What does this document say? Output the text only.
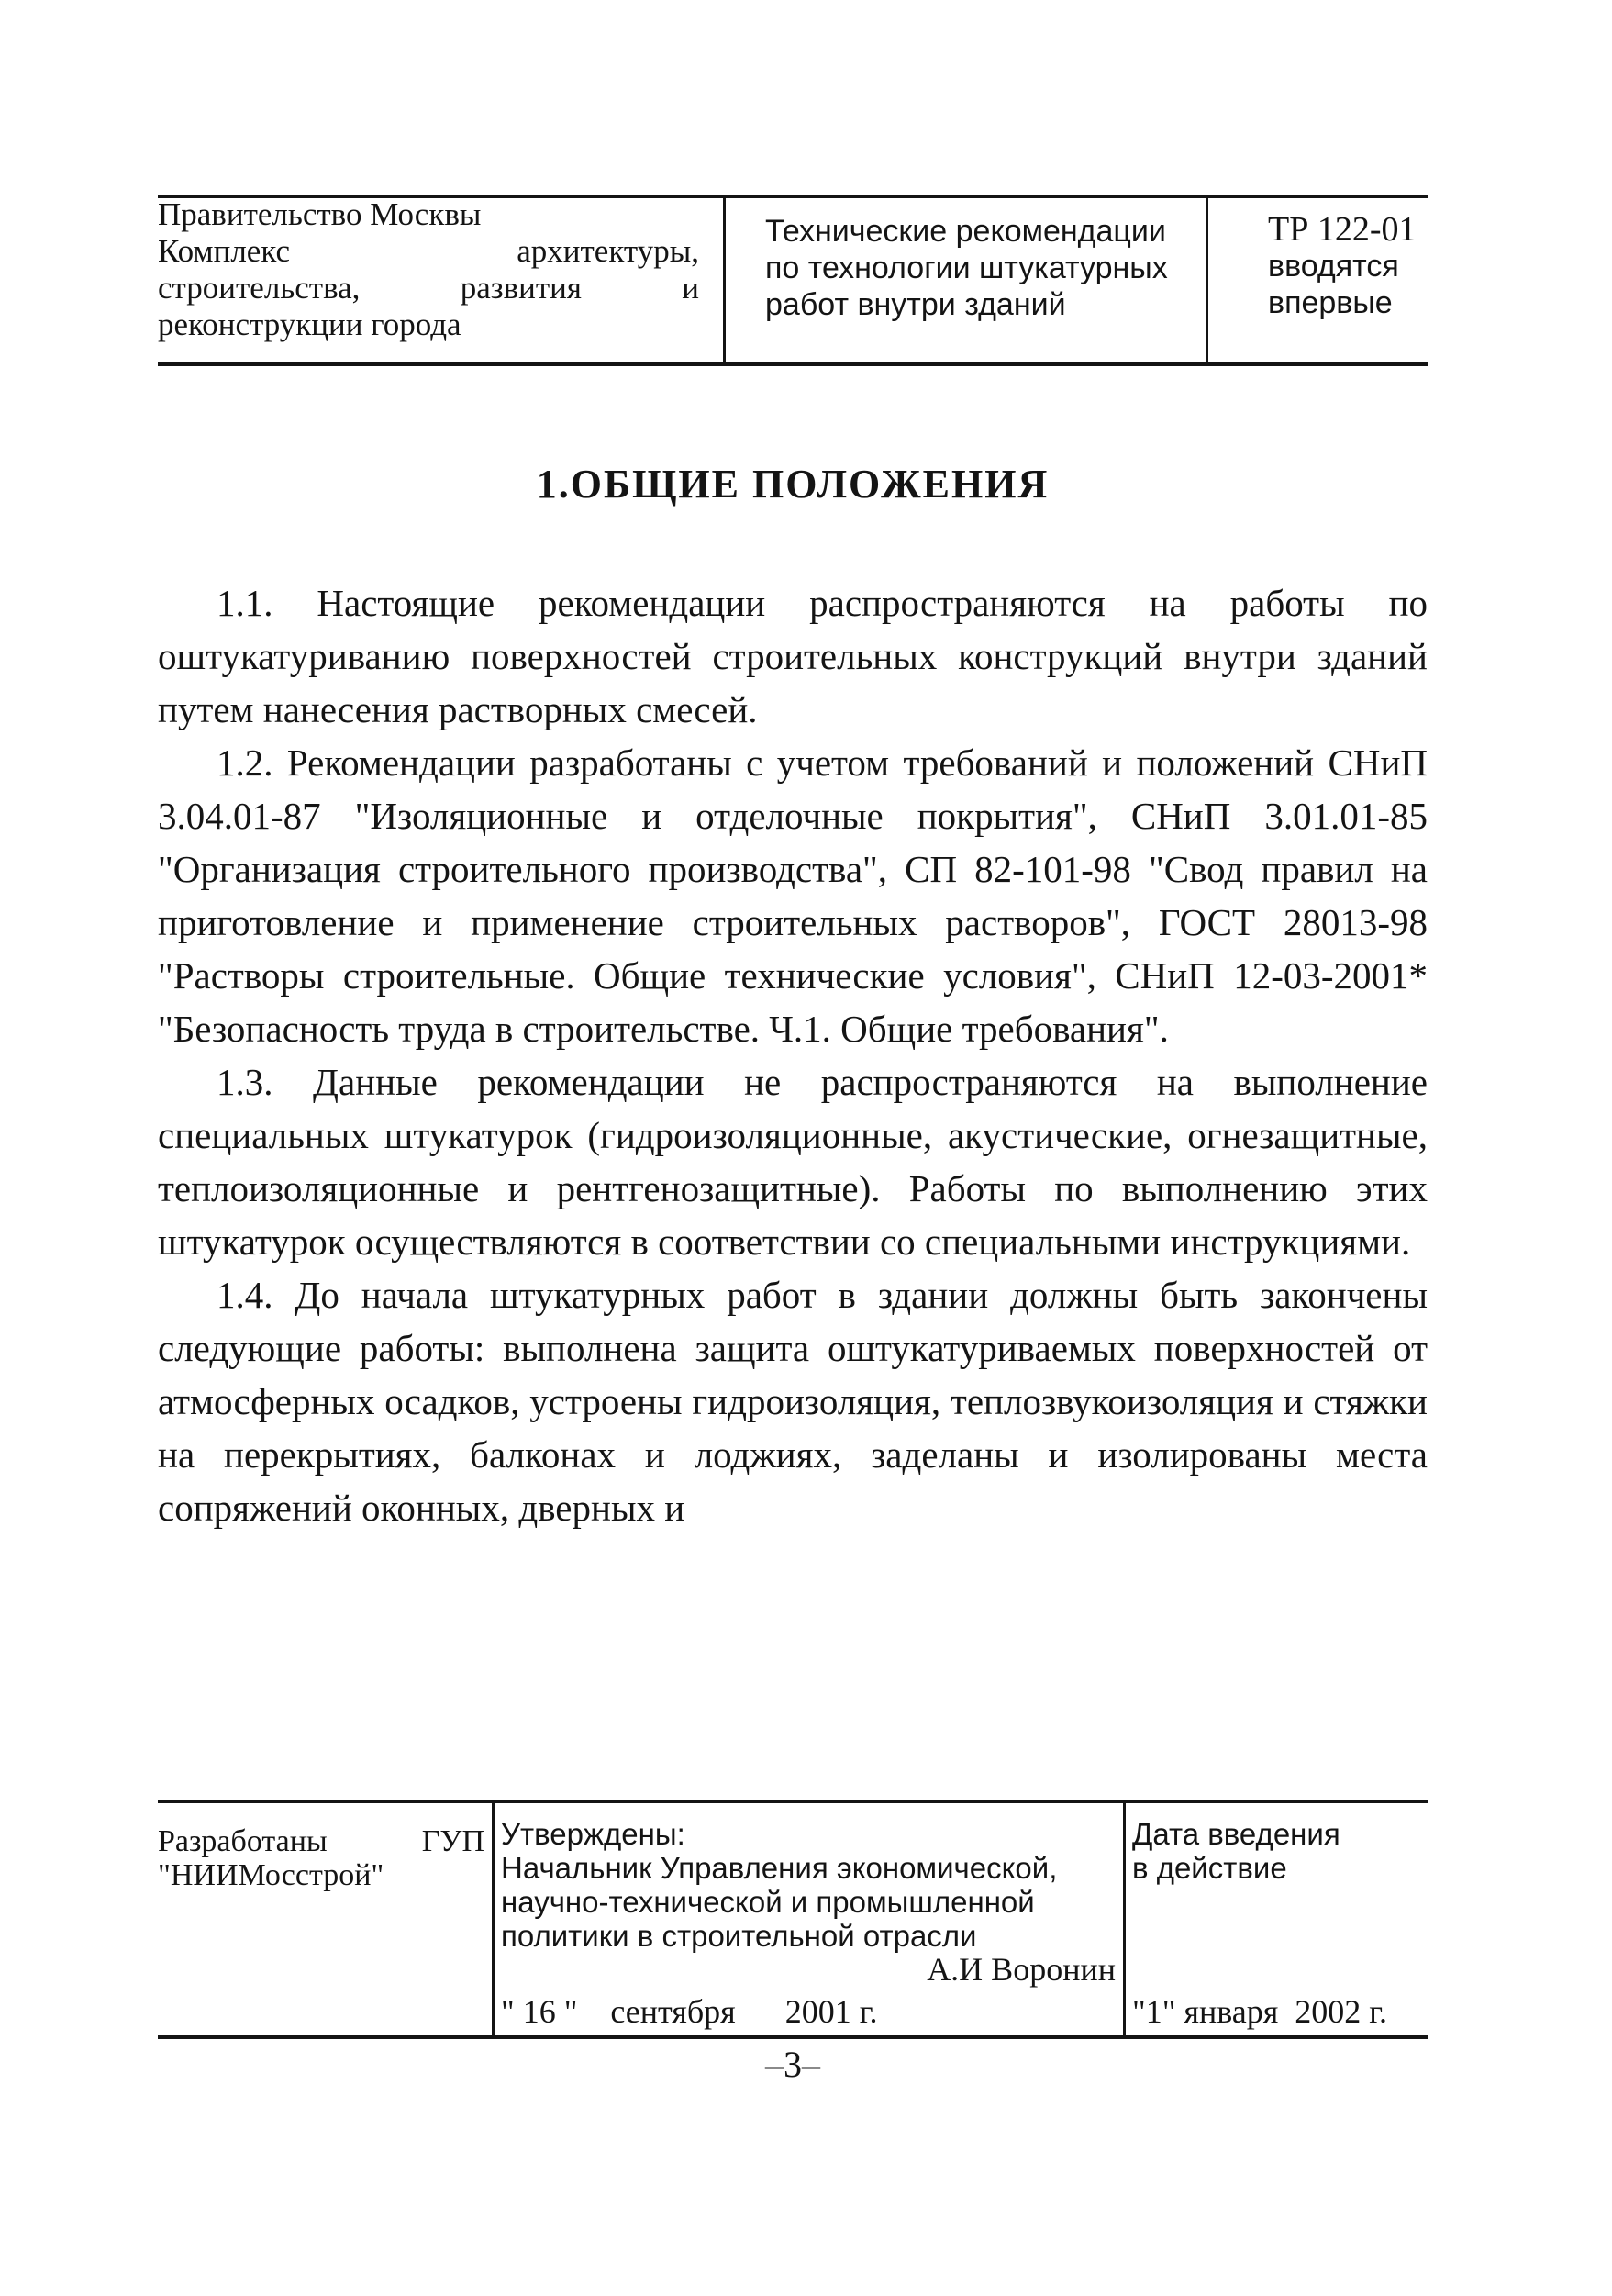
Правительство Москвы
Комплекс архитектуры,
строительства, развития и
реконструкции города
Технические рекомендации
по технологии штукатурных
работ внутри зданий
ТР 122-01
вводятся
впервые
1.ОБЩИЕ ПОЛОЖЕНИЯ

1.1. Настоящие рекомендации распространяются на работы по оштукатуриванию поверхностей строительных конструкций внутри зданий путем нанесения растворных смесей.

1.2. Рекомендации разработаны с учетом требований и положений СНиП 3.04.01-87 "Изоляционные и отделочные покрытия", СНиП 3.01.01-85 "Организация строительного производства", СП 82-101-98 "Свод правил на приготовление и применение строительных растворов", ГОСТ 28013-98 "Растворы строительные. Общие технические условия", СНиП 12-03-2001* "Безопасность труда в строительстве. Ч.1. Общие требования".

1.3. Данные рекомендации не распространяются на выполнение специальных штукатурок (гидроизоляционные, акустические, огнезащитные, теплоизоляционные и рентгенозащитные). Работы по выполнению этих штукатурок осуществляются в соответствии со специальными инструкциями.

1.4. До начала штукатурных работ в здании должны быть закончены следующие работы: выполнена защита оштукатуриваемых поверхностей от атмосферных осадков, устроены гидроизоляция, теплозвукоизоляция и стяжки на перекрытиях, балконах и лоджиях, заделаны и изолированы места сопряжений оконных, дверных и

Разработаны ГУП
"НИИМосстрой"
Утверждены:
Начальник Управления экономической,
научно-технической и промышленной
политики в строительной отрасли
А.И Воронин
Дата введения
в действие
" 16 "    сентября      2001 г.	"1" января  2002 г.
–3–
